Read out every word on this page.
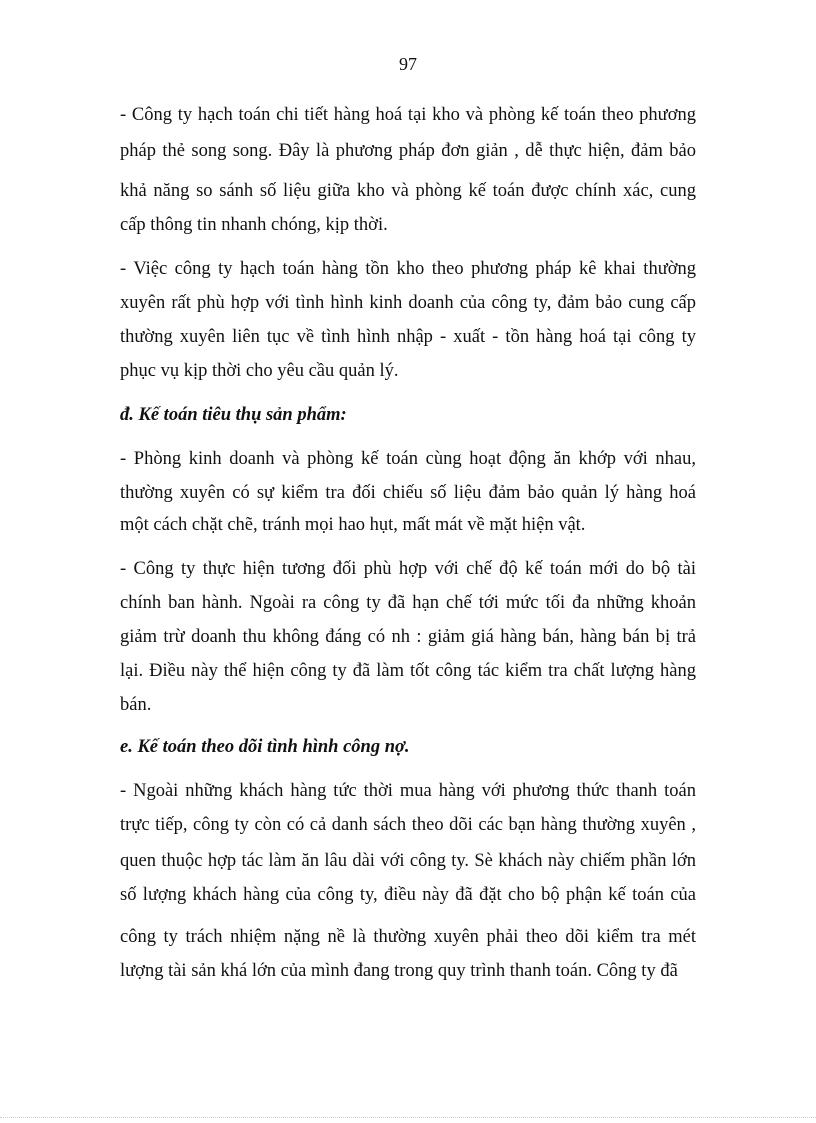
97
- Công ty hạch toán chi tiết hàng hoá tại kho và phòng kế toán theo phương
pháp thẻ song song. Đây là phương pháp đơn giản , dễ thực hiện, đảm bảo
khả năng so sánh số liệu giữa kho và phòng kế toán được chính xác, cung
cấp thông tin nhanh chóng, kịp thời.
- Việc công ty hạch toán hàng tồn kho theo phương pháp kê khai thường
xuyên rất phù hợp với tình hình kinh doanh của công ty, đảm bảo cung cấp
thường xuyên liên tục về tình hình nhập - xuất - tồn hàng hoá tại công ty
phục vụ kịp thời cho yêu cầu quản lý.
đ. Kế toán tiêu thụ sản phẩm:
- Phòng kinh doanh và phòng kế toán cùng hoạt động ăn khớp với nhau,
thường xuyên có sự kiểm tra đối chiếu số liệu đảm bảo quản lý hàng hoá
một cách chặt chẽ, tránh mọi hao hụt, mất mát về mặt hiện vật.
- Công ty thực hiện tương đối phù hợp với chế độ kế toán mới do bộ tài
chính ban hành. Ngoài ra công ty đã hạn chế tới mức tối đa những khoản
giảm trừ doanh thu không đáng có nh : giảm giá hàng bán, hàng bán bị trả
lại. Điều này thể hiện công ty đã làm tốt công tác kiểm tra chất lượng hàng
bán.
e. Kế toán theo dõi tình hình công nợ.
- Ngoài những khách hàng tức thời mua hàng với phương thức thanh toán
trực tiếp, công ty còn có cả danh sách theo dõi các bạn hàng thường xuyên ,
quen thuộc hợp tác làm ăn lâu dài với công ty. Sè khách này chiếm phần lớn
số lượng khách hàng của công ty, điều này đã đặt cho bộ phận kế toán của
công ty trách nhiệm nặng nề là thường xuyên phải theo dõi kiểm tra mét
lượng tài sản khá lớn của mình đang trong quy trình thanh toán. Công ty đã
